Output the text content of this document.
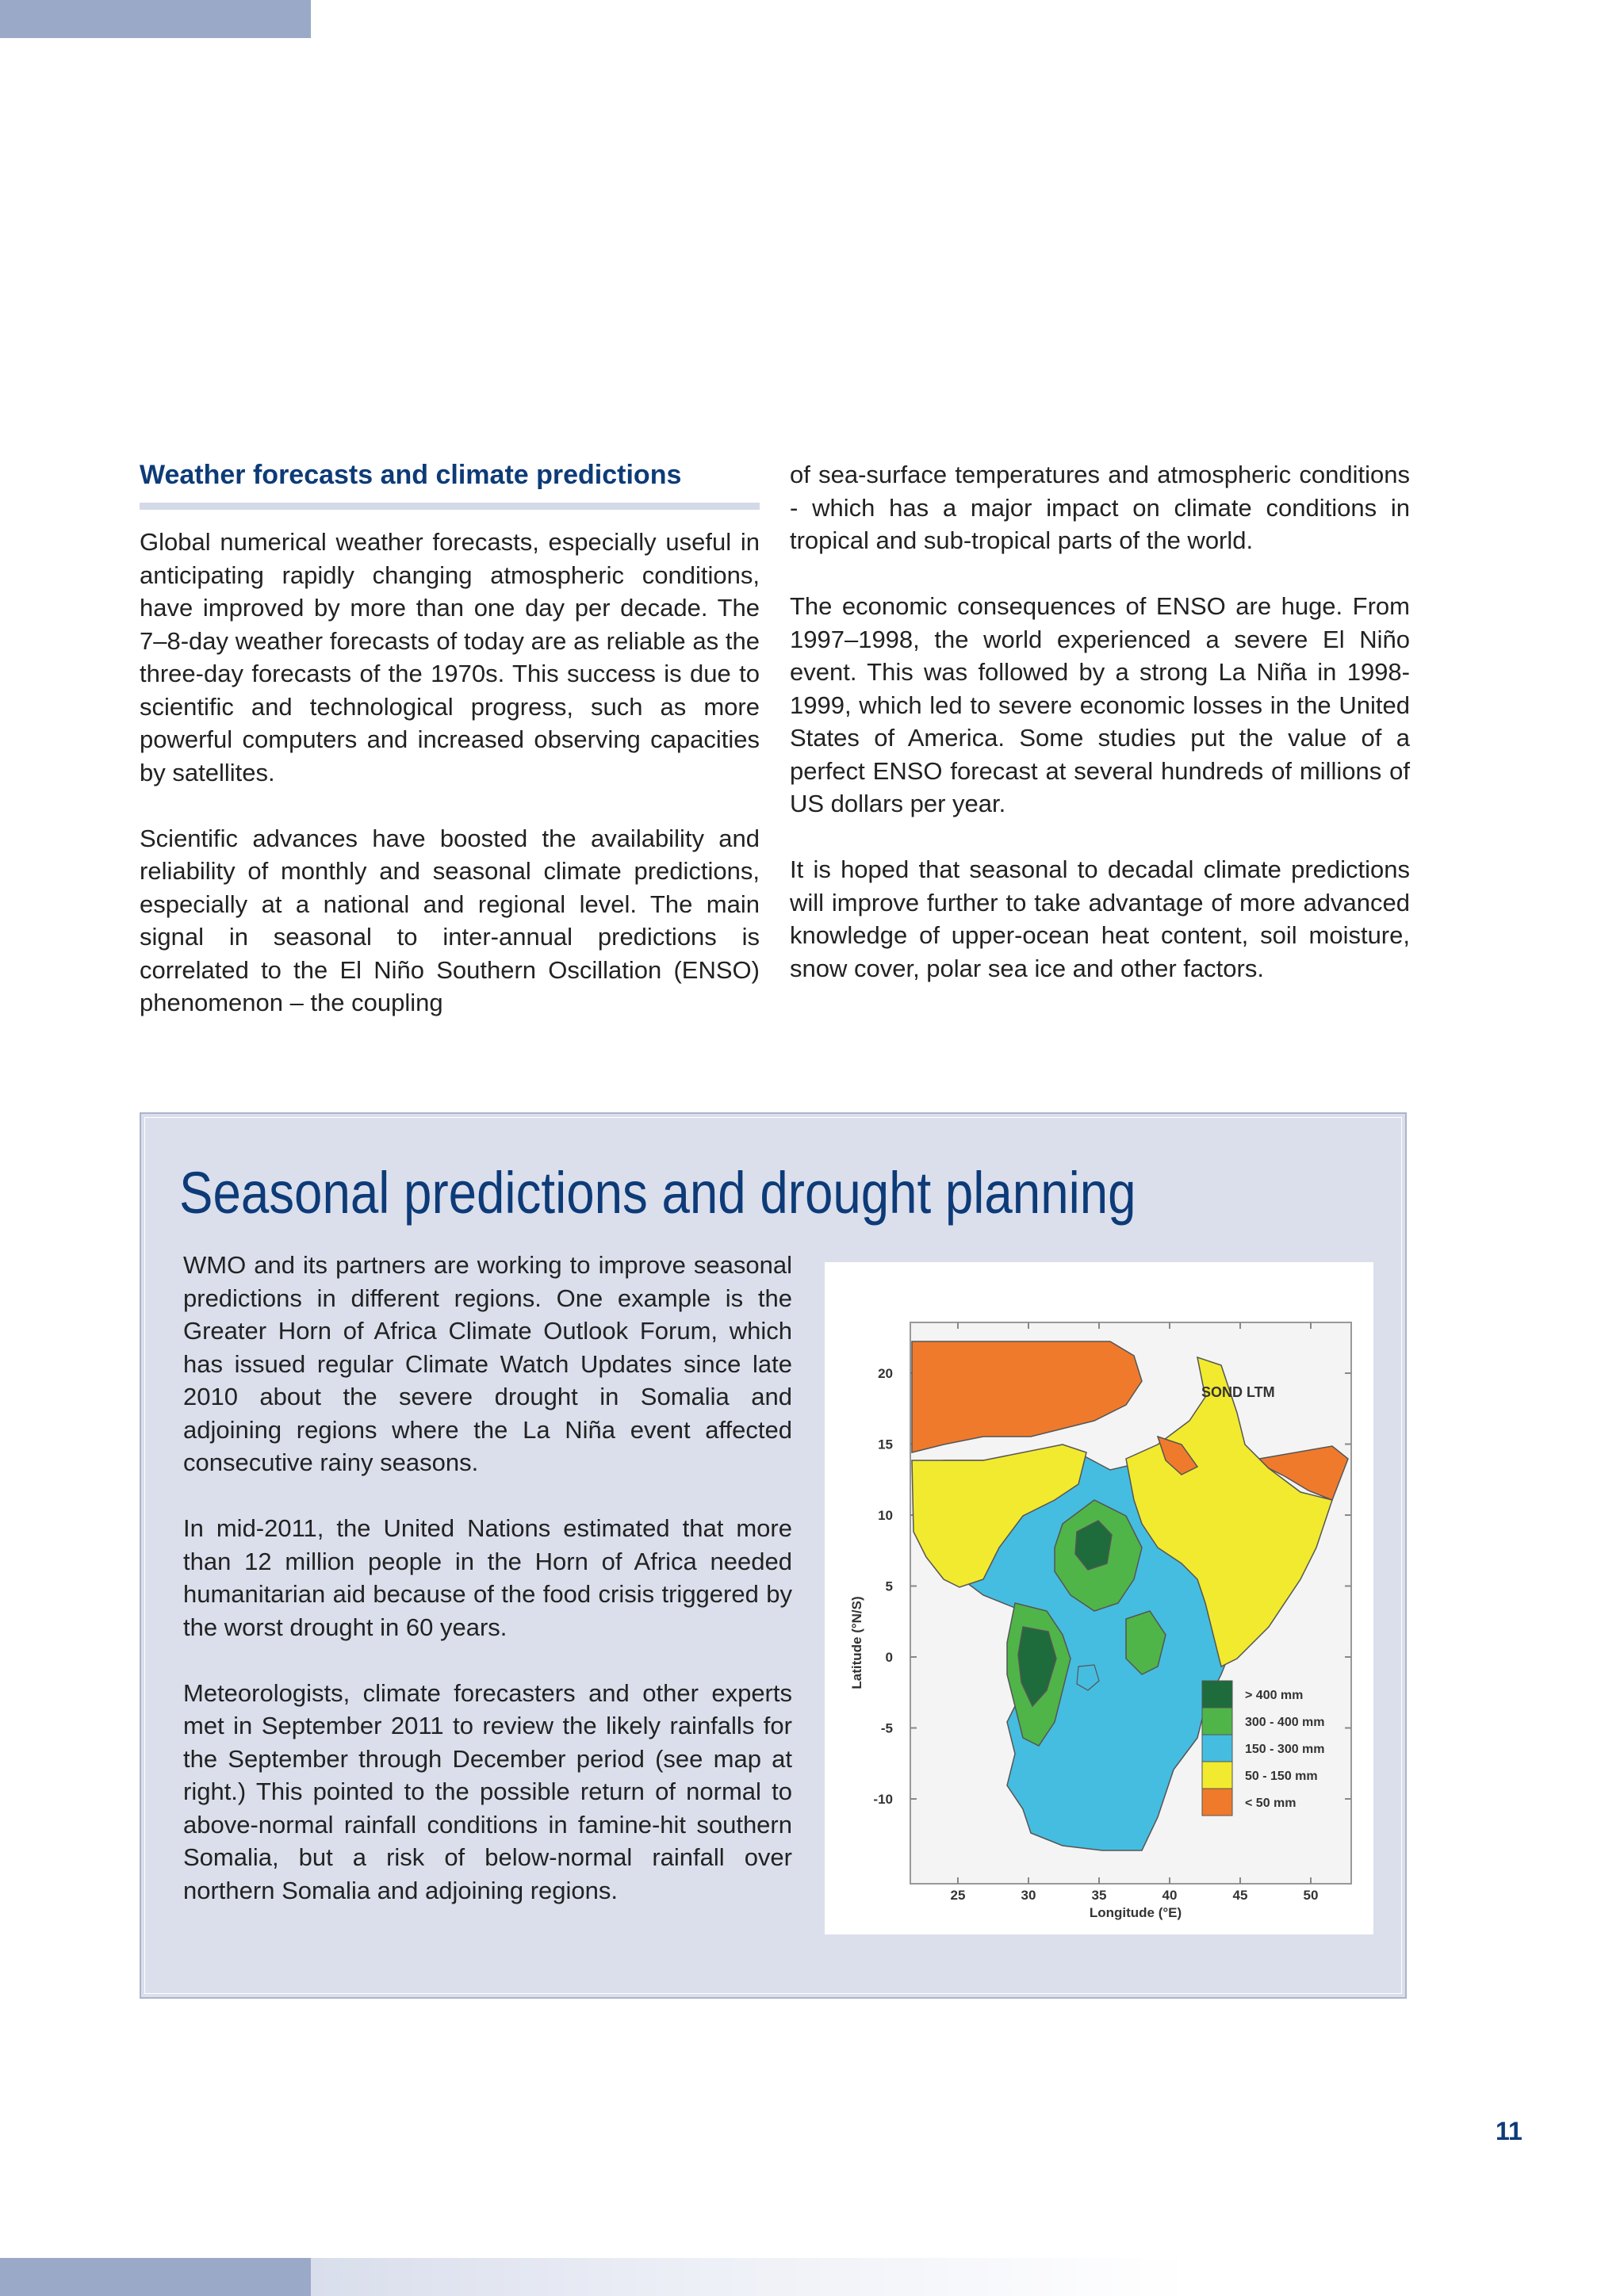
Weather forecasts and climate predictions

Global numerical weather forecasts, especially useful in anticipating rapidly changing atmospheric conditions, have improved by more than one day per decade. The 7–8-day weather forecasts of today are as reliable as the three-day forecasts of the 1970s. This success is due to scientific and technological progress, such as more powerful computers and increased observing capacities by satellites.

Scientific advances have boosted the availability and reliability of monthly and seasonal climate predictions, especially at a national and regional level. The main signal in seasonal to inter-annual predictions is correlated to the El Niño Southern Oscillation (ENSO) phenomenon – the coupling

of sea-surface temperatures and atmospheric conditions - which has a major impact on climate conditions in tropical and sub-tropical parts of the world.

The economic consequences of ENSO are huge. From 1997–1998, the world experienced a severe El Niño event. This was followed by a strong La Niña in 1998-1999, which led to severe economic losses in the United States of America. Some studies put the value of a perfect ENSO forecast at several hundreds of millions of US dollars per year.

It is hoped that seasonal to decadal climate predictions will improve further to take advantage of more advanced knowledge of upper-ocean heat content, soil moisture, snow cover, polar sea ice and other factors.

Seasonal predictions and drought planning

WMO and its partners are working to improve seasonal predictions in different regions. One example is the Greater Horn of Africa Climate Outlook Forum, which has issued regular Climate Watch Updates since late 2010 about the severe drought in Somalia and adjoining regions where the La Niña event affected consecutive rainy seasons.

In mid-2011, the United Nations estimated that more than 12 million people in the Horn of Africa needed humanitarian aid because of the food crisis triggered by the worst drought in 60 years.

Meteorologists, climate forecasters and other experts met in September 2011 to review the likely rainfalls for the September through December period (see map at right.) This pointed to the possible return of normal to above-normal rainfall conditions in famine-hit southern Somalia, but a risk of below-normal rainfall over northern Somalia and adjoining regions.

> 400 mm
300 - 400 mm
150 - 300 mm
50 - 150 mm
< 50 mm
SOND LTM
Latitude (°N/S)
Longitude (°E)
20
15
10
5
0
-5
-10
25	30	35	40	45	50
11
